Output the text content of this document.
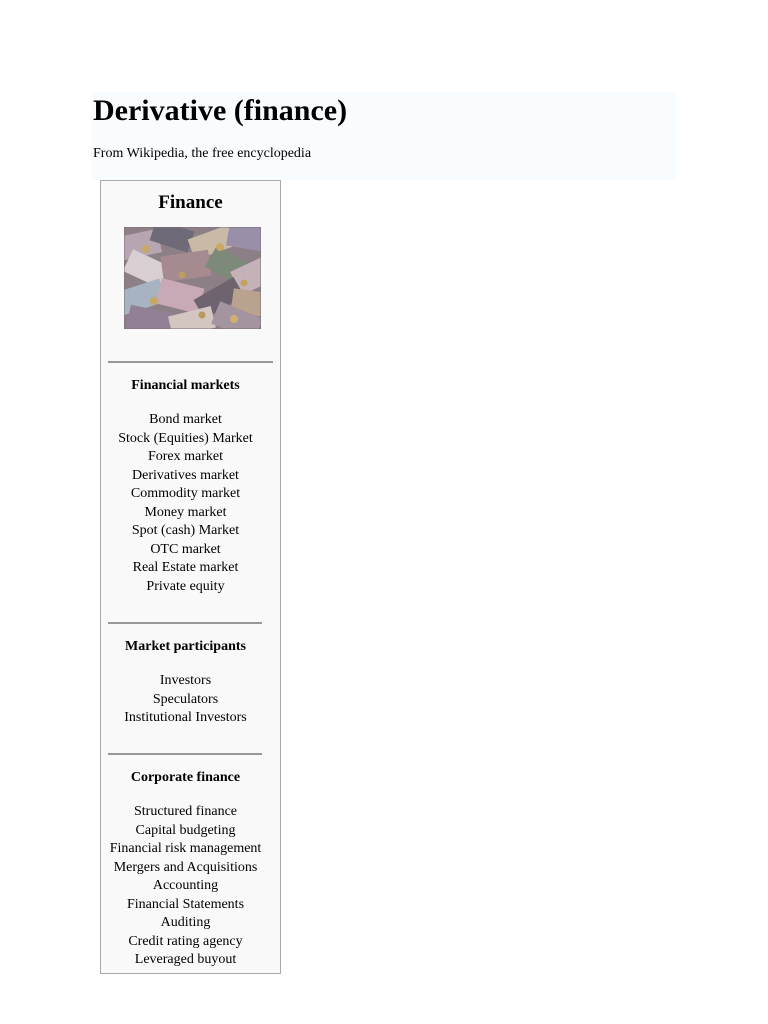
Derivative (finance)

From Wikipedia, the free encyclopedia

Finance
Financial markets
Bond market
Stock (Equities) Market
Forex market
Derivatives market
Commodity market
Money market
Spot (cash) Market
OTC market
Real Estate market
Private equity
Market participants
Investors
Speculators
Institutional Investors
Corporate finance
Structured finance
Capital budgeting
Financial risk management
Mergers and Acquisitions
Accounting
Financial Statements
Auditing
Credit rating agency
Leveraged buyout
